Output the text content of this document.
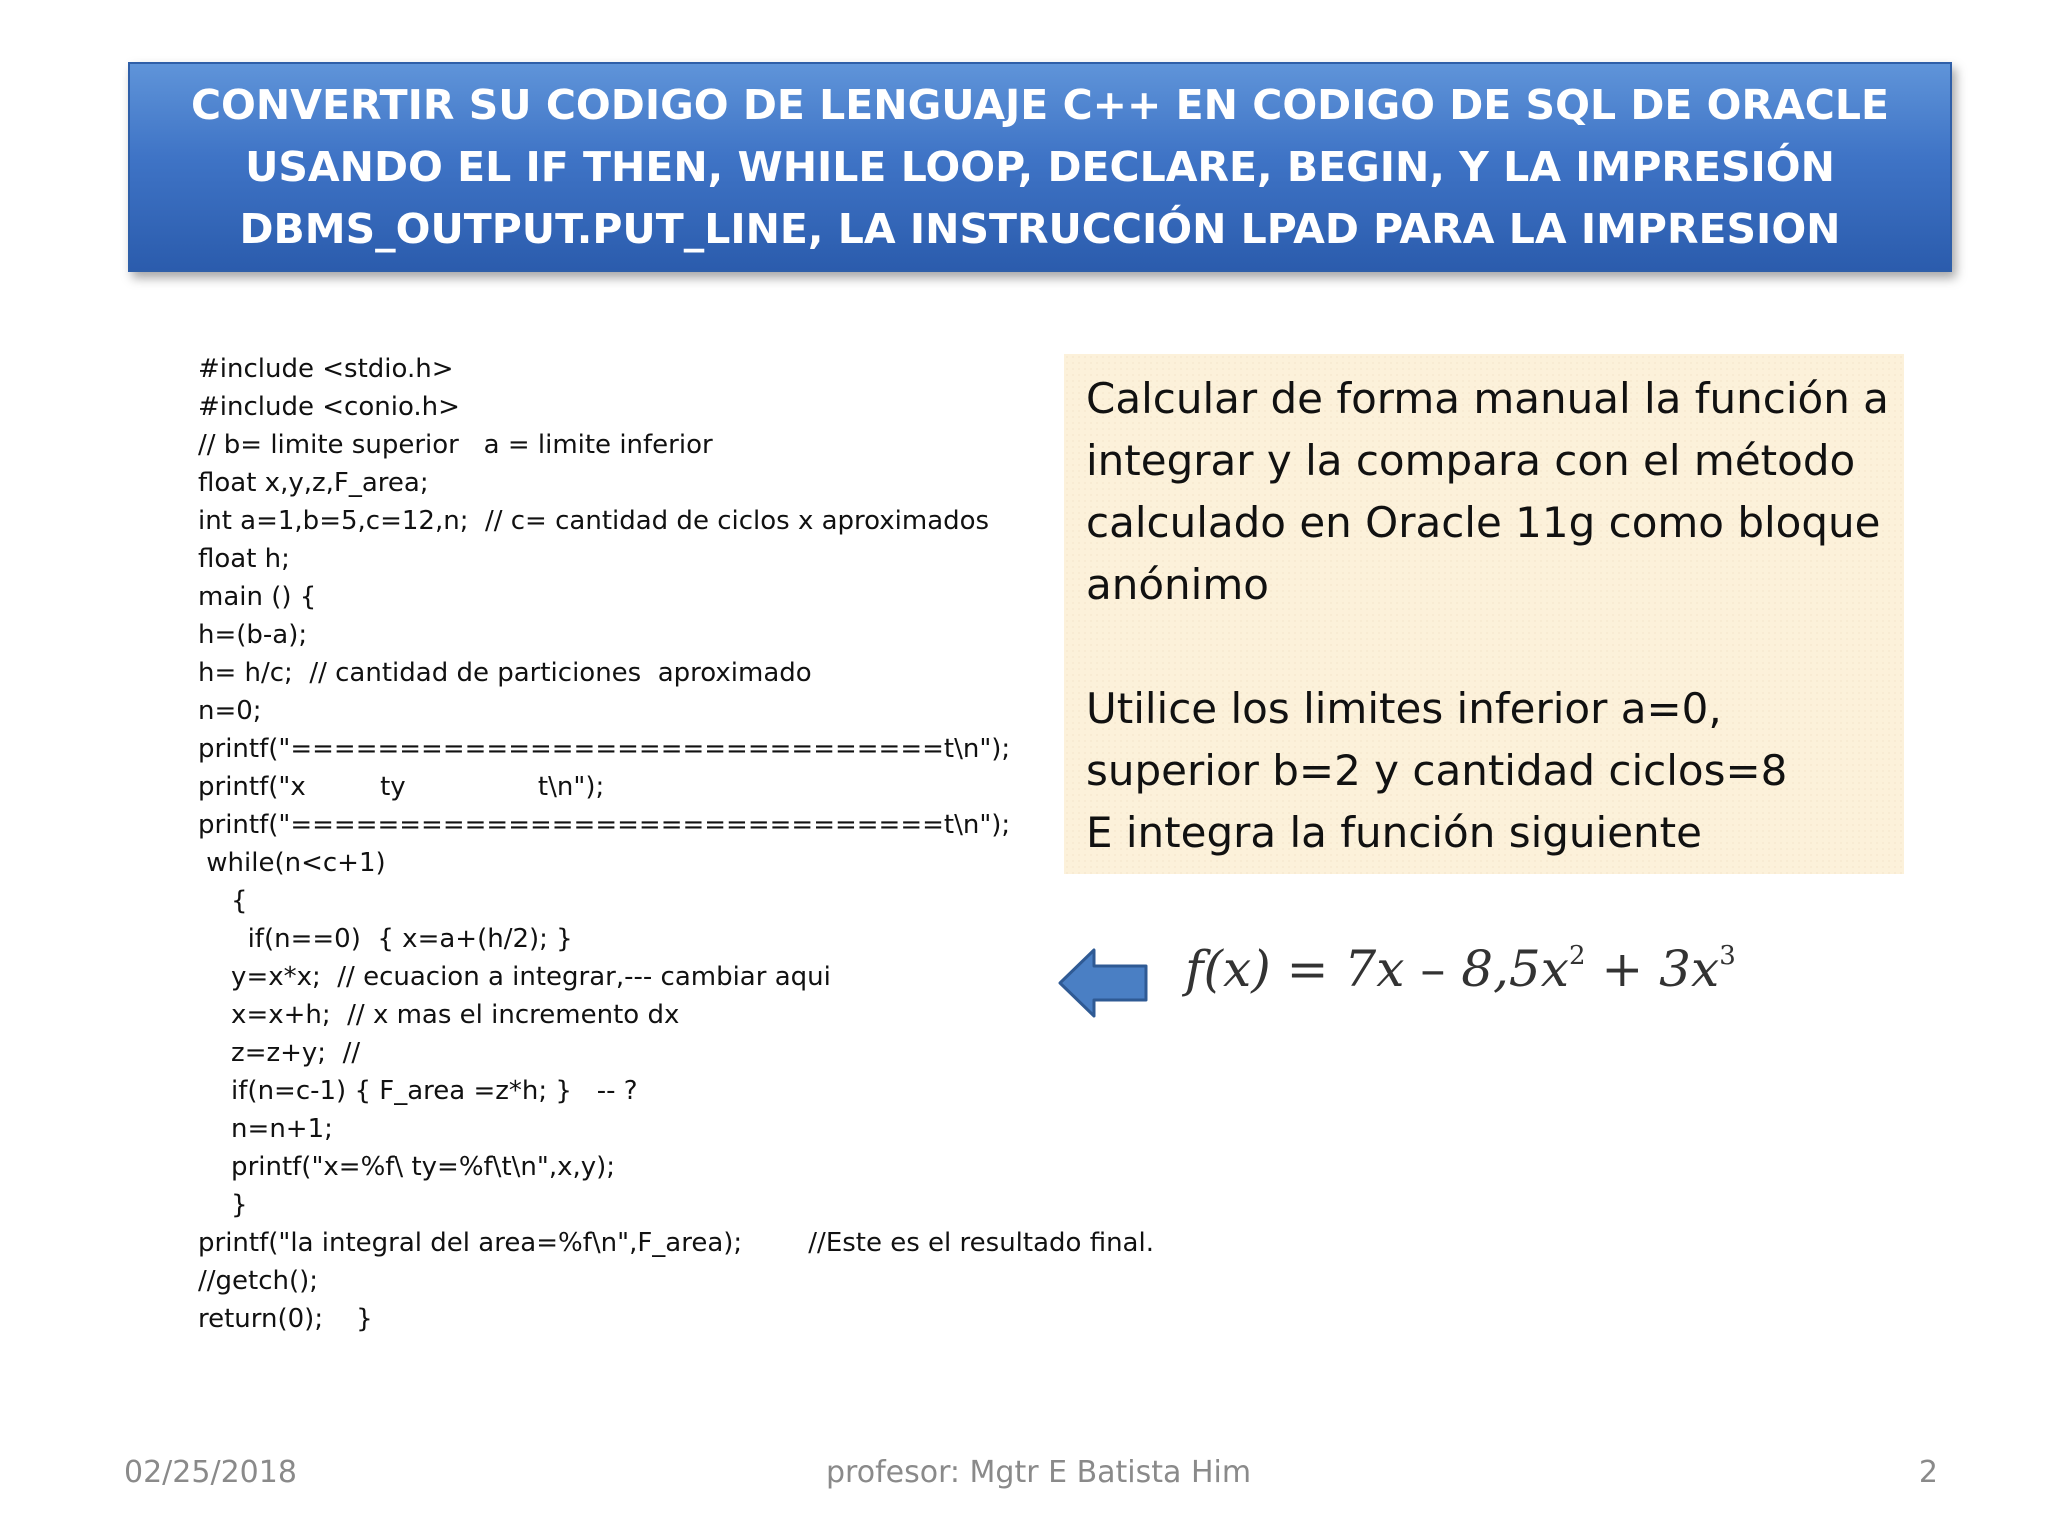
CONVERTIR SU CODIGO DE LENGUAJE C++ EN CODIGO DE SQL DE ORACLE
USANDO EL IF THEN, WHILE LOOP, DECLARE, BEGIN, Y LA IMPRESIÓN
DBMS_OUTPUT.PUT_LINE, LA INSTRUCCIÓN LPAD PARA LA IMPRESION
#include <stdio.h>
#include <conio.h>
// b= limite superior   a = limite inferior
float x,y,z,F_area;
int a=1,b=5,c=12,n;  // c= cantidad de ciclos x aproximados
float h;
main () {
h=(b-a);
h= h/c;  // cantidad de particiones  aproximado
n=0;
printf("==============================t\n");
printf("x         ty                t\n");
printf("==============================t\n");
while(n<c+1)
{
if(n==0)  { x=a+(h/2); }
y=x*x;  // ecuacion a integrar,--- cambiar aqui
x=x+h;  // x mas el incremento dx
z=z+y;  //
if(n=c-1) { F_area =z*h; }   -- ?
n=n+1;
printf("x=%f\ ty=%f\t\n",x,y);
}
printf("la integral del area=%f\n",F_area);        //Este es el resultado final.
//getch();
return(0);    }
Calcular de forma manual la función a
integrar y la compara con el método
calculado en Oracle 11g como bloque
anónimo
Utilice los limites inferior a=0,
superior b=2 y cantidad ciclos=8
E integra la función siguiente
$f(x) = 7x - 8,5x^2 + 3x^3$
02/25/2018	profesor: Mgtr E Batista Him	2
